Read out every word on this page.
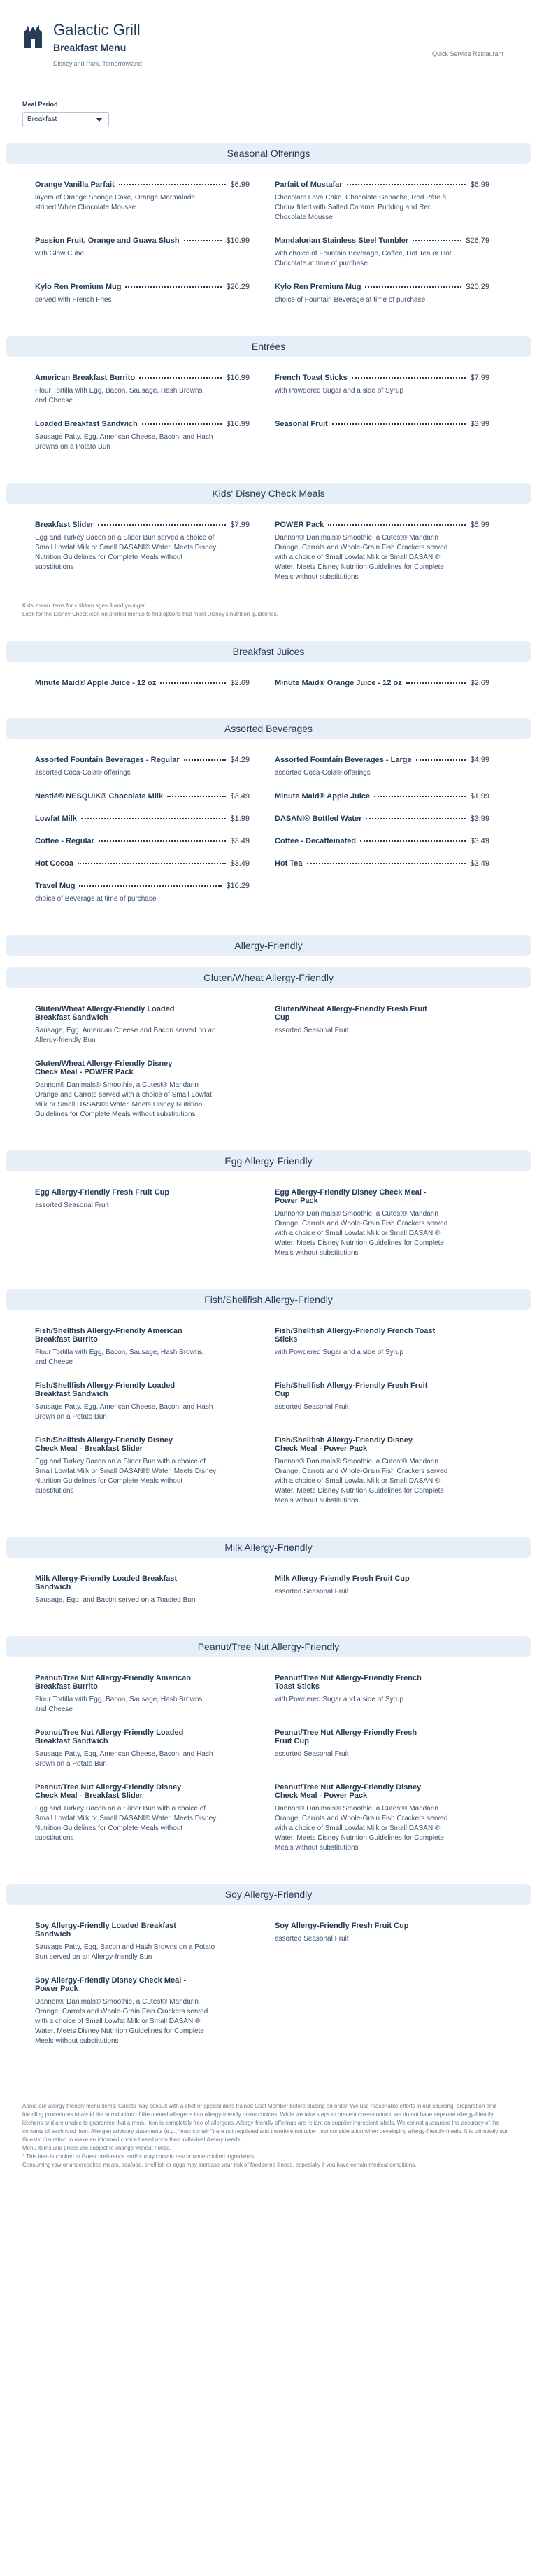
Galactic Grill
Breakfast Menu
Disneyland Park, Tomorrowland
Quick Service Restaurant
Meal Period
Breakfast
Seasonal Offerings
Orange Vanilla Parfait	$6.99
layers of Orange Sponge Cake, Orange Marmalade, striped White Chocolate Mousse
Parfait of Mustafar	$6.99
Chocolate Lava Cake, Chocolate Ganache, Red Pâte à Choux filled with Salted Caramel Pudding and Red Chocolate Mousse
Passion Fruit, Orange and Guava Slush	$10.99
with Glow Cube
Mandalorian Stainless Steel Tumbler	$26.79
with choice of Fountain Beverage, Coffee, Hot Tea or Hot Chocolate at time of purchase
Kylo Ren Premium Mug	$20.29
served with French Fries
Kylo Ren Premium Mug	$20.29
choice of Fountain Beverage at time of purchase
Entrées
American Breakfast Burrito	$10.99
Flour Tortilla with Egg, Bacon, Sausage, Hash Browns, and Cheese
French Toast Sticks	$7.99
with Powdered Sugar and a side of Syrup
Loaded Breakfast Sandwich	$10.99
Sausage Patty, Egg, American Cheese, Bacon, and Hash Browns on a Potato Bun
Seasonal Fruit	$3.99
Kids' Disney Check Meals
Breakfast Slider	$7.99
Egg and Turkey Bacon on a Slider Bun served a choice of Small Lowfat Milk or Small DASANI® Water. Meets Disney Nutrition Guidelines for Complete Meals without substitutions
POWER Pack	$5.99
Dannon® Danimals® Smoothie, a Cutest® Mandarin Orange, Carrots and Whole-Grain Fish Crackers served with a choice of Small Lowfat Milk or Small DASANI® Water. Meets Disney Nutrition Guidelines for Complete Meals without substitutions
Kids' menu items for children ages 9 and younger.
Look for the Disney Check icon on printed menus to find options that meet Disney's nutrition guidelines.
Breakfast Juices
Minute Maid® Apple Juice - 12 oz	$2.69	Minute Maid® Orange Juice - 12 oz	$2.69
Assorted Beverages
Assorted Fountain Beverages - Regular	$4.29
assorted Coca-Cola® offerings
Assorted Fountain Beverages - Large	$4.99
assorted Coca-Cola® offerings
Nestlé® NESQUIK® Chocolate Milk	$3.49	Minute Maid® Apple Juice	$1.99
Lowfat Milk	$1.99	DASANI® Bottled Water	$3.99
Coffee - Regular	$3.49	Coffee - Decaffeinated	$3.49
Hot Cocoa	$3.49	Hot Tea	$3.49
Travel Mug	$10.29
choice of Beverage at time of purchase
Allergy-Friendly
Gluten/Wheat Allergy-Friendly
Gluten/Wheat Allergy-Friendly Loaded Breakfast Sandwich
Sausage, Egg, American Cheese and Bacon served on an Allergy-friendly Bun
Gluten/Wheat Allergy-Friendly Fresh Fruit Cup
assorted Seasonal Fruit
Gluten/Wheat Allergy-Friendly Disney Check Meal - POWER Pack
Dannon® Danimals® Smoothie, a Cutest® Mandarin Orange and Carrots served with a choice of Small Lowfat Milk or Small DASANI® Water. Meets Disney Nutrition Guidelines for Complete Meals without substitutions
Egg Allergy-Friendly
Egg Allergy-Friendly Fresh Fruit Cup
assorted Seasonal Fruit
Egg Allergy-Friendly Disney Check Meal - Power Pack
Dannon® Danimals® Smoothie, a Cutest® Mandarin Orange, Carrots and Whole-Grain Fish Crackers served with a choice of Small Lowfat Milk or Small DASANI® Water. Meets Disney Nutrition Guidelines for Complete Meals without substitutions
Fish/Shellfish Allergy-Friendly
Fish/Shellfish Allergy-Friendly American Breakfast Burrito
Flour Tortilla with Egg, Bacon, Sausage, Hash Browns, and Cheese
Fish/Shellfish Allergy-Friendly French Toast Sticks
with Powdered Sugar and a side of Syrup
Fish/Shellfish Allergy-Friendly Loaded Breakfast Sandwich
Sausage Patty, Egg, American Cheese, Bacon, and Hash Brown on a Potato Bun
Fish/Shellfish Allergy-Friendly Fresh Fruit Cup
assorted Seasonal Fruit
Fish/Shellfish Allergy-Friendly Disney Check Meal - Breakfast Slider
Egg and Turkey Bacon on a Slider Bun with a choice of Small Lowfat Milk or Small DASANI® Water. Meets Disney Nutrition Guidelines for Complete Meals without substitutions
Fish/Shellfish Allergy-Friendly Disney Check Meal - Power Pack
Dannon® Danimals® Smoothie, a Cutest® Mandarin Orange, Carrots and Whole-Grain Fish Crackers served with a choice of Small Lowfat Milk or Small DASANI® Water. Meets Disney Nutrition Guidelines for Complete Meals without substitutions
Milk Allergy-Friendly
Milk Allergy-Friendly Loaded Breakfast Sandwich
Sausage, Egg, and Bacon served on a Toasted Bun
Milk Allergy-Friendly Fresh Fruit Cup
assorted Seasonal Fruit
Peanut/Tree Nut Allergy-Friendly
Peanut/Tree Nut Allergy-Friendly American Breakfast Burrito
Flour Tortilla with Egg, Bacon, Sausage, Hash Browns, and Cheese
Peanut/Tree Nut Allergy-Friendly French Toast Sticks
with Powdered Sugar and a side of Syrup
Peanut/Tree Nut Allergy-Friendly Loaded Breakfast Sandwich
Sausage Patty, Egg, American Cheese, Bacon, and Hash Brown on a Potato Bun
Peanut/Tree Nut Allergy-Friendly Fresh Fruit Cup
assorted Seasonal Fruit
Peanut/Tree Nut Allergy-Friendly Disney Check Meal - Breakfast Slider
Egg and Turkey Bacon on a Slider Bun with a choice of Small Lowfat Milk or Small DASANI® Water. Meets Disney Nutrition Guidelines for Complete Meals without substitutions
Peanut/Tree Nut Allergy-Friendly Disney Check Meal - Power Pack
Dannon® Danimals® Smoothie, a Cutest® Mandarin Orange, Carrots and Whole-Grain Fish Crackers served with a choice of Small Lowfat Milk or Small DASANI® Water. Meets Disney Nutrition Guidelines for Complete Meals without substitutions
Soy Allergy-Friendly
Soy Allergy-Friendly Loaded Breakfast Sandwich
Sausage Patty, Egg, Bacon and Hash Browns on a Potato Bun served on an Allergy-friendly Bun
Soy Allergy-Friendly Fresh Fruit Cup
assorted Seasonal Fruit
Soy Allergy-Friendly Disney Check Meal - Power Pack
Dannon® Danimals® Smoothie, a Cutest® Mandarin Orange, Carrots and Whole-Grain Fish Crackers served with a choice of Small Lowfat Milk or Small DASANI® Water. Meets Disney Nutrition Guidelines for Complete Meals without substitutions
About our allergy-friendly menu items: Guests may consult with a chef or special diets trained Cast Member before placing an order. We use reasonable efforts in our sourcing, preparation and handling procedures to avoid the introduction of the named allergens into allergy-friendly menu choices. While we take steps to prevent cross-contact, we do not have separate allergy-friendly kitchens and are unable to guarantee that a menu item is completely free of allergens. Allergy-friendly offerings are reliant on supplier ingredient labels. We cannot guarantee the accuracy of the contents of each food item. Allergen advisory statements (e.g., "may contain") are not regulated and therefore not taken into consideration when developing allergy-friendly meals. It is ultimately our Guests' discretion to make an informed choice based upon their individual dietary needs.
Menu items and prices are subject to change without notice.
* This item is cooked to Guest preference and/or may contain raw or undercooked ingredients.
Consuming raw or undercooked meats, seafood, shellfish or eggs may increase your risk of foodborne illness, especially if you have certain medical conditions.
